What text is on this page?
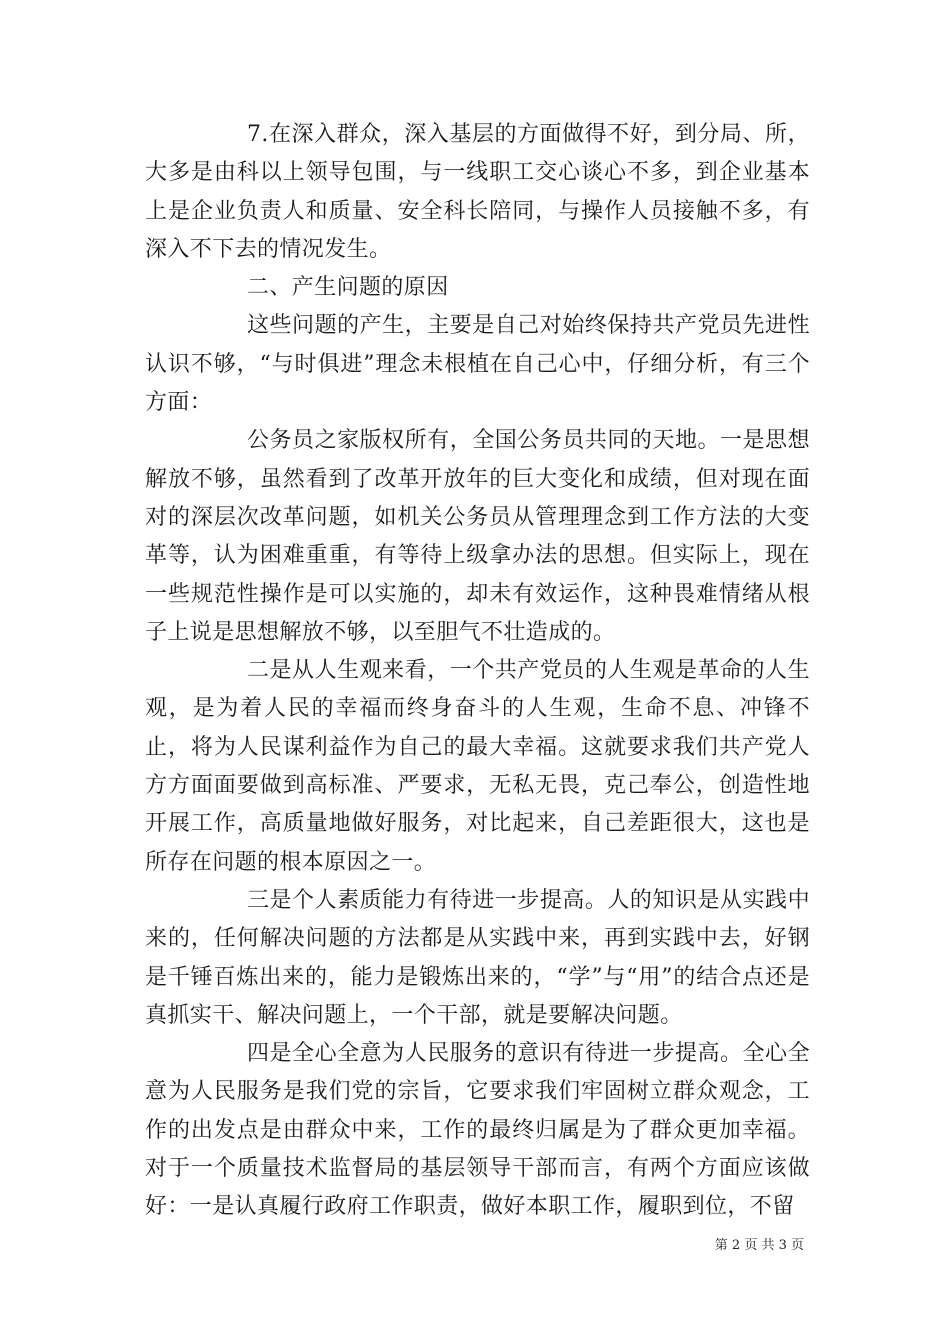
7.在深入群众，深入基层的方面做得不好，到分局、所，大多是由科以上领导包围，与一线职工交心谈心不多，到企业基本上是企业负责人和质量、安全科长陪同，与操作人员接触不多，有深入不下去的情况发生。

二、产生问题的原因

这些问题的产生，主要是自己对始终保持共产党员先进性认识不够，“与时俱进”理念未根植在自己心中，仔细分析，有三个方面：

公务员之家版权所有，全国公务员共同的天地。一是思想解放不够，虽然看到了改革开放年的巨大变化和成绩，但对现在面对的深层次改革问题，如机关公务员从管理理念到工作方法的大变革等，认为困难重重，有等待上级拿办法的思想。但实际上，现在一些规范性操作是可以实施的，却未有效运作，这种畏难情绪从根子上说是思想解放不够，以至胆气不壮造成的。

二是从人生观来看，一个共产党员的人生观是革命的人生观，是为着人民的幸福而终身奋斗的人生观，生命不息、冲锋不止，将为人民谋利益作为自己的最大幸福。这就要求我们共产党人方方面面要做到高标准、严要求，无私无畏，克己奉公，创造性地开展工作，高质量地做好服务，对比起来，自己差距很大，这也是所存在问题的根本原因之一。

三是个人素质能力有待进一步提高。人的知识是从实践中来的，任何解决问题的方法都是从实践中来，再到实践中去，好钢是千锤百炼出来的，能力是锻炼出来的，“学”与“用”的结合点还是真抓实干、解决问题上，一个干部，就是要解决问题。

四是全心全意为人民服务的意识有待进一步提高。全心全意为人民服务是我们党的宗旨，它要求我们牢固树立群众观念，工作的出发点是由群众中来，工作的最终归属是为了群众更加幸福。对于一个质量技术监督局的基层领导干部而言，有两个方面应该做好：一是认真履行政府工作职责，做好本职工作，履职到位，不留

第 2 页 共 3 页
